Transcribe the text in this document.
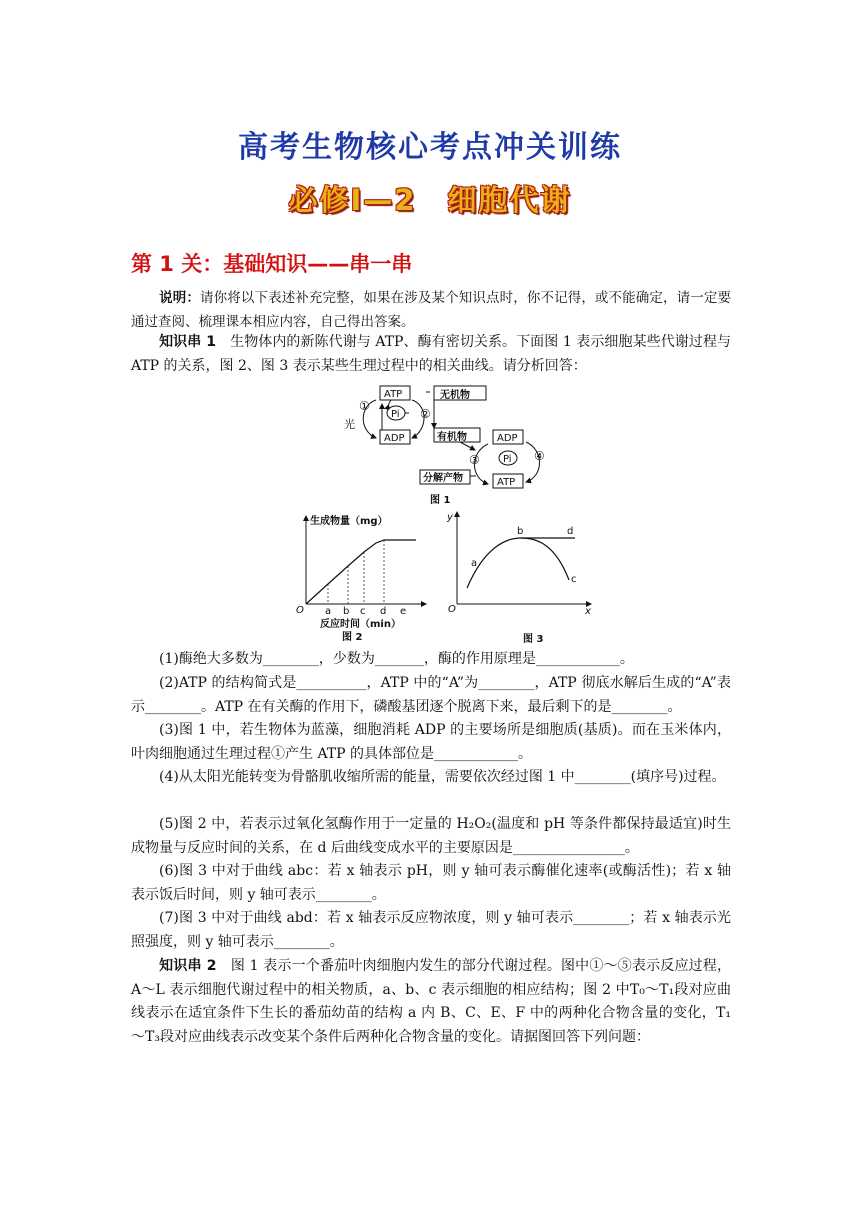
高考生物核心考点冲关训练
必修Ⅰ—2　细胞代谢
第 1 关：基础知识——串一串
说明：请你将以下表述补充完整，如果在涉及某个知识点时，你不记得，或不能确定，请一定要通过查阅、梳理课本相应内容，自己得出答案。
知识串 1　生物体内的新陈代谢与 ATP、酶有密切关系。下面图 1 表示细胞某些代谢过程与 ATP 的关系，图 2、图 3 表示某些生理过程中的相关曲线。请分析回答：
ATP
Pi
ADP	ADP
Pi
ATP
无机物
有机物
分解产物
光
①
②
③	④
图 1
生成物量（mg）
O a b c d e
反应时间（min）
图 2
y
O	x
a
b
c
d
图 3
(1)酶绝大多数为________，少数为_______，酶的作用原理是____________。
(2)ATP 的结构简式是__________，ATP 中的“A”为________，ATP 彻底水解后生成的“A”表示________。ATP 在有关酶的作用下，磷酸基团逐个脱离下来，最后剩下的是________。
(3)图 1 中，若生物体为蓝藻，细胞消耗 ADP 的主要场所是细胞质(基质)。而在玉米体内，叶肉细胞通过生理过程①产生 ATP 的具体部位是____________。
(4)从太阳光能转变为骨骼肌收缩所需的能量，需要依次经过图 1 中________(填序号)过程。
(5)图 2 中，若表示过氧化氢酶作用于一定量的 H₂O₂(温度和 pH 等条件都保持最适宜)时生成物量与反应时间的关系，在 d 后曲线变成水平的主要原因是________________。
(6)图 3 中对于曲线 abc：若 x 轴表示 pH，则 y 轴可表示酶催化速率(或酶活性)；若 x 轴表示饭后时间，则 y 轴可表示________。
(7)图 3 中对于曲线 abd：若 x 轴表示反应物浓度，则 y 轴可表示________；若 x 轴表示光照强度，则 y 轴可表示________。
知识串 2　图 1 表示一个番茄叶肉细胞内发生的部分代谢过程。图中①～⑤表示反应过程，A～L 表示细胞代谢过程中的相关物质，a、b、c 表示细胞的相应结构；图 2 中T₀～T₁段对应曲线表示在适宜条件下生长的番茄幼苗的结构 a 内 B、C、E、F 中的两种化合物含量的变化，T₁～T₃段对应曲线表示改变某个条件后两种化合物含量的变化。请据图回答下列问题：
